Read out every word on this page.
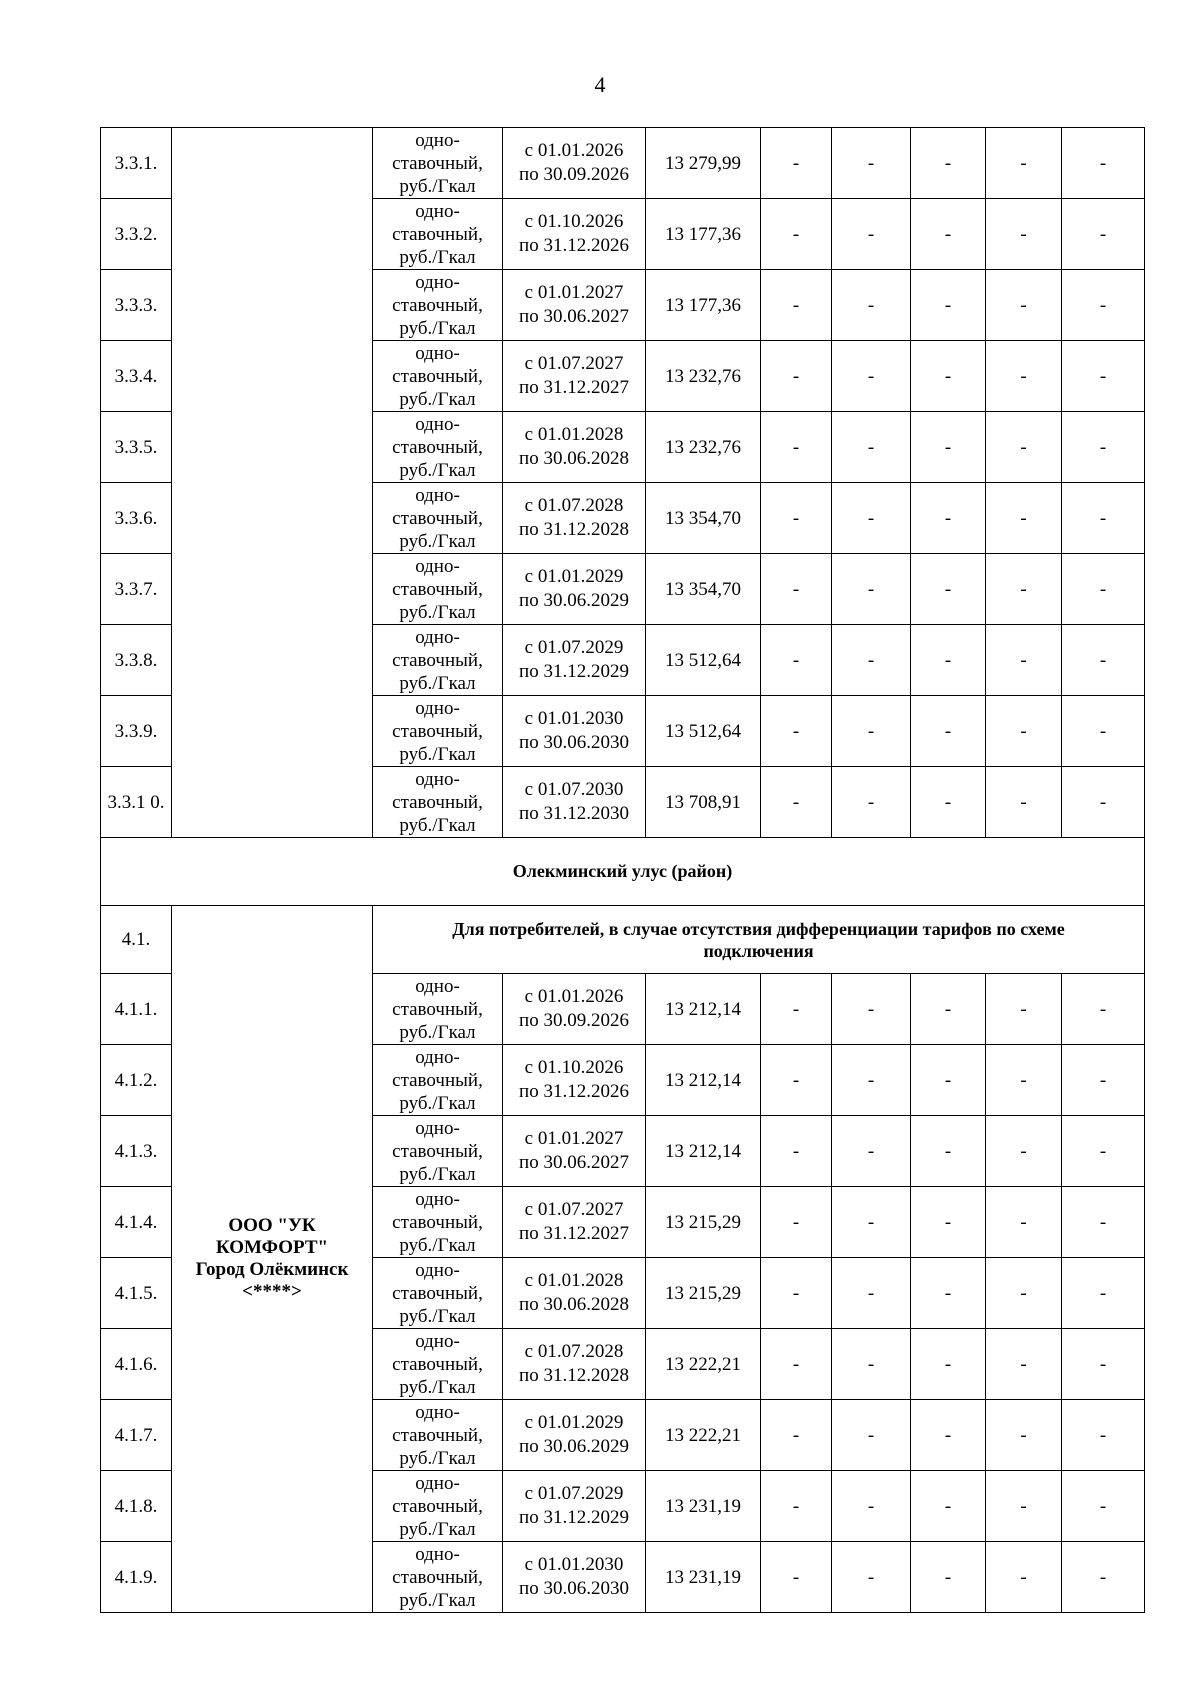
4
3.3.1.		одно-
ставочный,
руб./Гкал	с 01.01.2026
по 30.09.2026	13 279,99	-	-	-	-	-
3.3.2.		одно-
ставочный,
руб./Гкал	с 01.10.2026
по 31.12.2026	13 177,36	-	-	-	-	-
3.3.3.		одно-
ставочный,
руб./Гкал	с 01.01.2027
по 30.06.2027	13 177,36	-	-	-	-	-
3.3.4.		одно-
ставочный,
руб./Гкал	с 01.07.2027
по 31.12.2027	13 232,76	-	-	-	-	-
3.3.5.		одно-
ставочный,
руб./Гкал	с 01.01.2028
по 30.06.2028	13 232,76	-	-	-	-	-
3.3.6.		одно-
ставочный,
руб./Гкал	с 01.07.2028
по 31.12.2028	13 354,70	-	-	-	-	-
3.3.7.		одно-
ставочный,
руб./Гкал	с 01.01.2029
по 30.06.2029	13 354,70	-	-	-	-	-
3.3.8.		одно-
ставочный,
руб./Гкал	с 01.07.2029
по 31.12.2029	13 512,64	-	-	-	-	-
3.3.9.		одно-
ставочный,
руб./Гкал	с 01.01.2030
по 30.06.2030	13 512,64	-	-	-	-	-
3.3.1 0.		одно-
ставочный,
руб./Гкал	с 01.07.2030
по 31.12.2030	13 708,91	-	-	-	-	-
Олекминский улус (район)									
4.1.	ООО "УК
КОМФОРТ"
Город Олёкминск
<****>	Для потребителей, в случае отсутствия дифференциации тарифов по схеме
подключения							

4.1.1.		одно-
ставочный,
руб./Гкал	с 01.01.2026
по 30.09.2026	13 212,14	-	-	-	-	-
4.1.2.		одно-
ставочный,
руб./Гкал	с 01.10.2026
по 31.12.2026	13 212,14	-	-	-	-	-
4.1.3.		одно-
ставочный,
руб./Гкал	с 01.01.2027
по 30.06.2027	13 212,14	-	-	-	-	-
4.1.4.		одно-
ставочный,
руб./Гкал	с 01.07.2027
по 31.12.2027	13 215,29	-	-	-	-	-
4.1.5.		одно-
ставочный,
руб./Гкал	с 01.01.2028
по 30.06.2028	13 215,29	-	-	-	-	-
4.1.6.		одно-
ставочный,
руб./Гкал	с 01.07.2028
по 31.12.2028	13 222,21	-	-	-	-	-
4.1.7.		одно-
ставочный,
руб./Гкал	с 01.01.2029
по 30.06.2029	13 222,21	-	-	-	-	-
4.1.8.		одно-
ставочный,
руб./Гкал	с 01.07.2029
по 31.12.2029	13 231,19	-	-	-	-	-
4.1.9.		одно-
ставочный,
руб./Гкал	с 01.01.2030
по 30.06.2030	13 231,19	-	-	-	-	-
